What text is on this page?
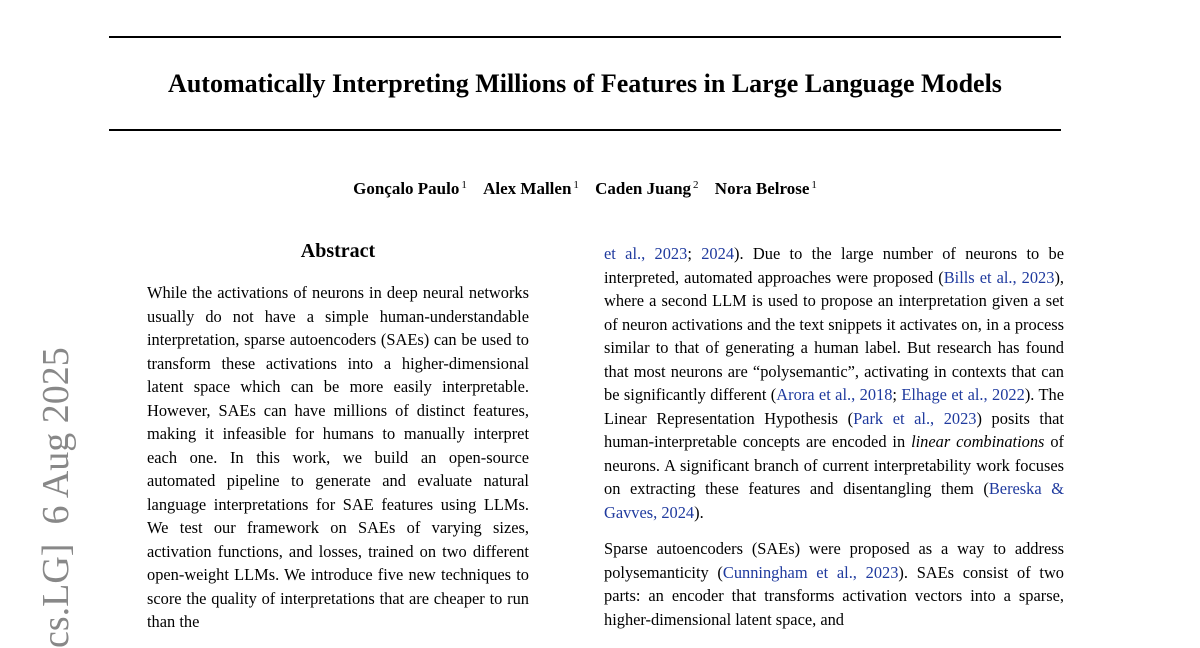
Automatically Interpreting Millions of Features in Large Language Models
Gonçalo Paulo $^1$ Alex Mallen $^1$ Caden Juang $^2$ Nora Belrose $^1$
cs.LG]  6 Aug 2025
Abstract
While the activations of neurons in deep neural networks usually do not have a simple human-understandable interpretation, sparse autoencoders (SAEs) can be used to transform these activations into a higher-dimensional latent space which can be more easily interpretable. However, SAEs can have millions of distinct features, making it infeasible for humans to manually interpret each one. In this work, we build an open-source automated pipeline to generate and evaluate natural language interpretations for SAE features using LLMs. We test our framework on SAEs of varying sizes, activation functions, and losses, trained on two different open-weight LLMs. We introduce five new techniques to score the quality of interpretations that are cheaper to run than the

et al., 2023; 2024). Due to the large number of neurons to be interpreted, automated approaches were proposed (Bills et al., 2023), where a second LLM is used to propose an interpretation given a set of neuron activations and the text snippets it activates on, in a process similar to that of generating a human label. But research has found that most neurons are “polysemantic”, activating in contexts that can be significantly different (Arora et al., 2018; Elhage et al., 2022). The Linear Representation Hypothesis (Park et al., 2023) posits that human-interpretable concepts are encoded in linear combinations of neurons. A significant branch of current interpretability work focuses on extracting these features and disentangling them (Bereska & Gavves, 2024).

Sparse autoencoders (SAEs) were proposed as a way to address polysemanticity (Cunningham et al., 2023). SAEs consist of two parts: an encoder that transforms activation vectors into a sparse, higher-dimensional latent space, and
